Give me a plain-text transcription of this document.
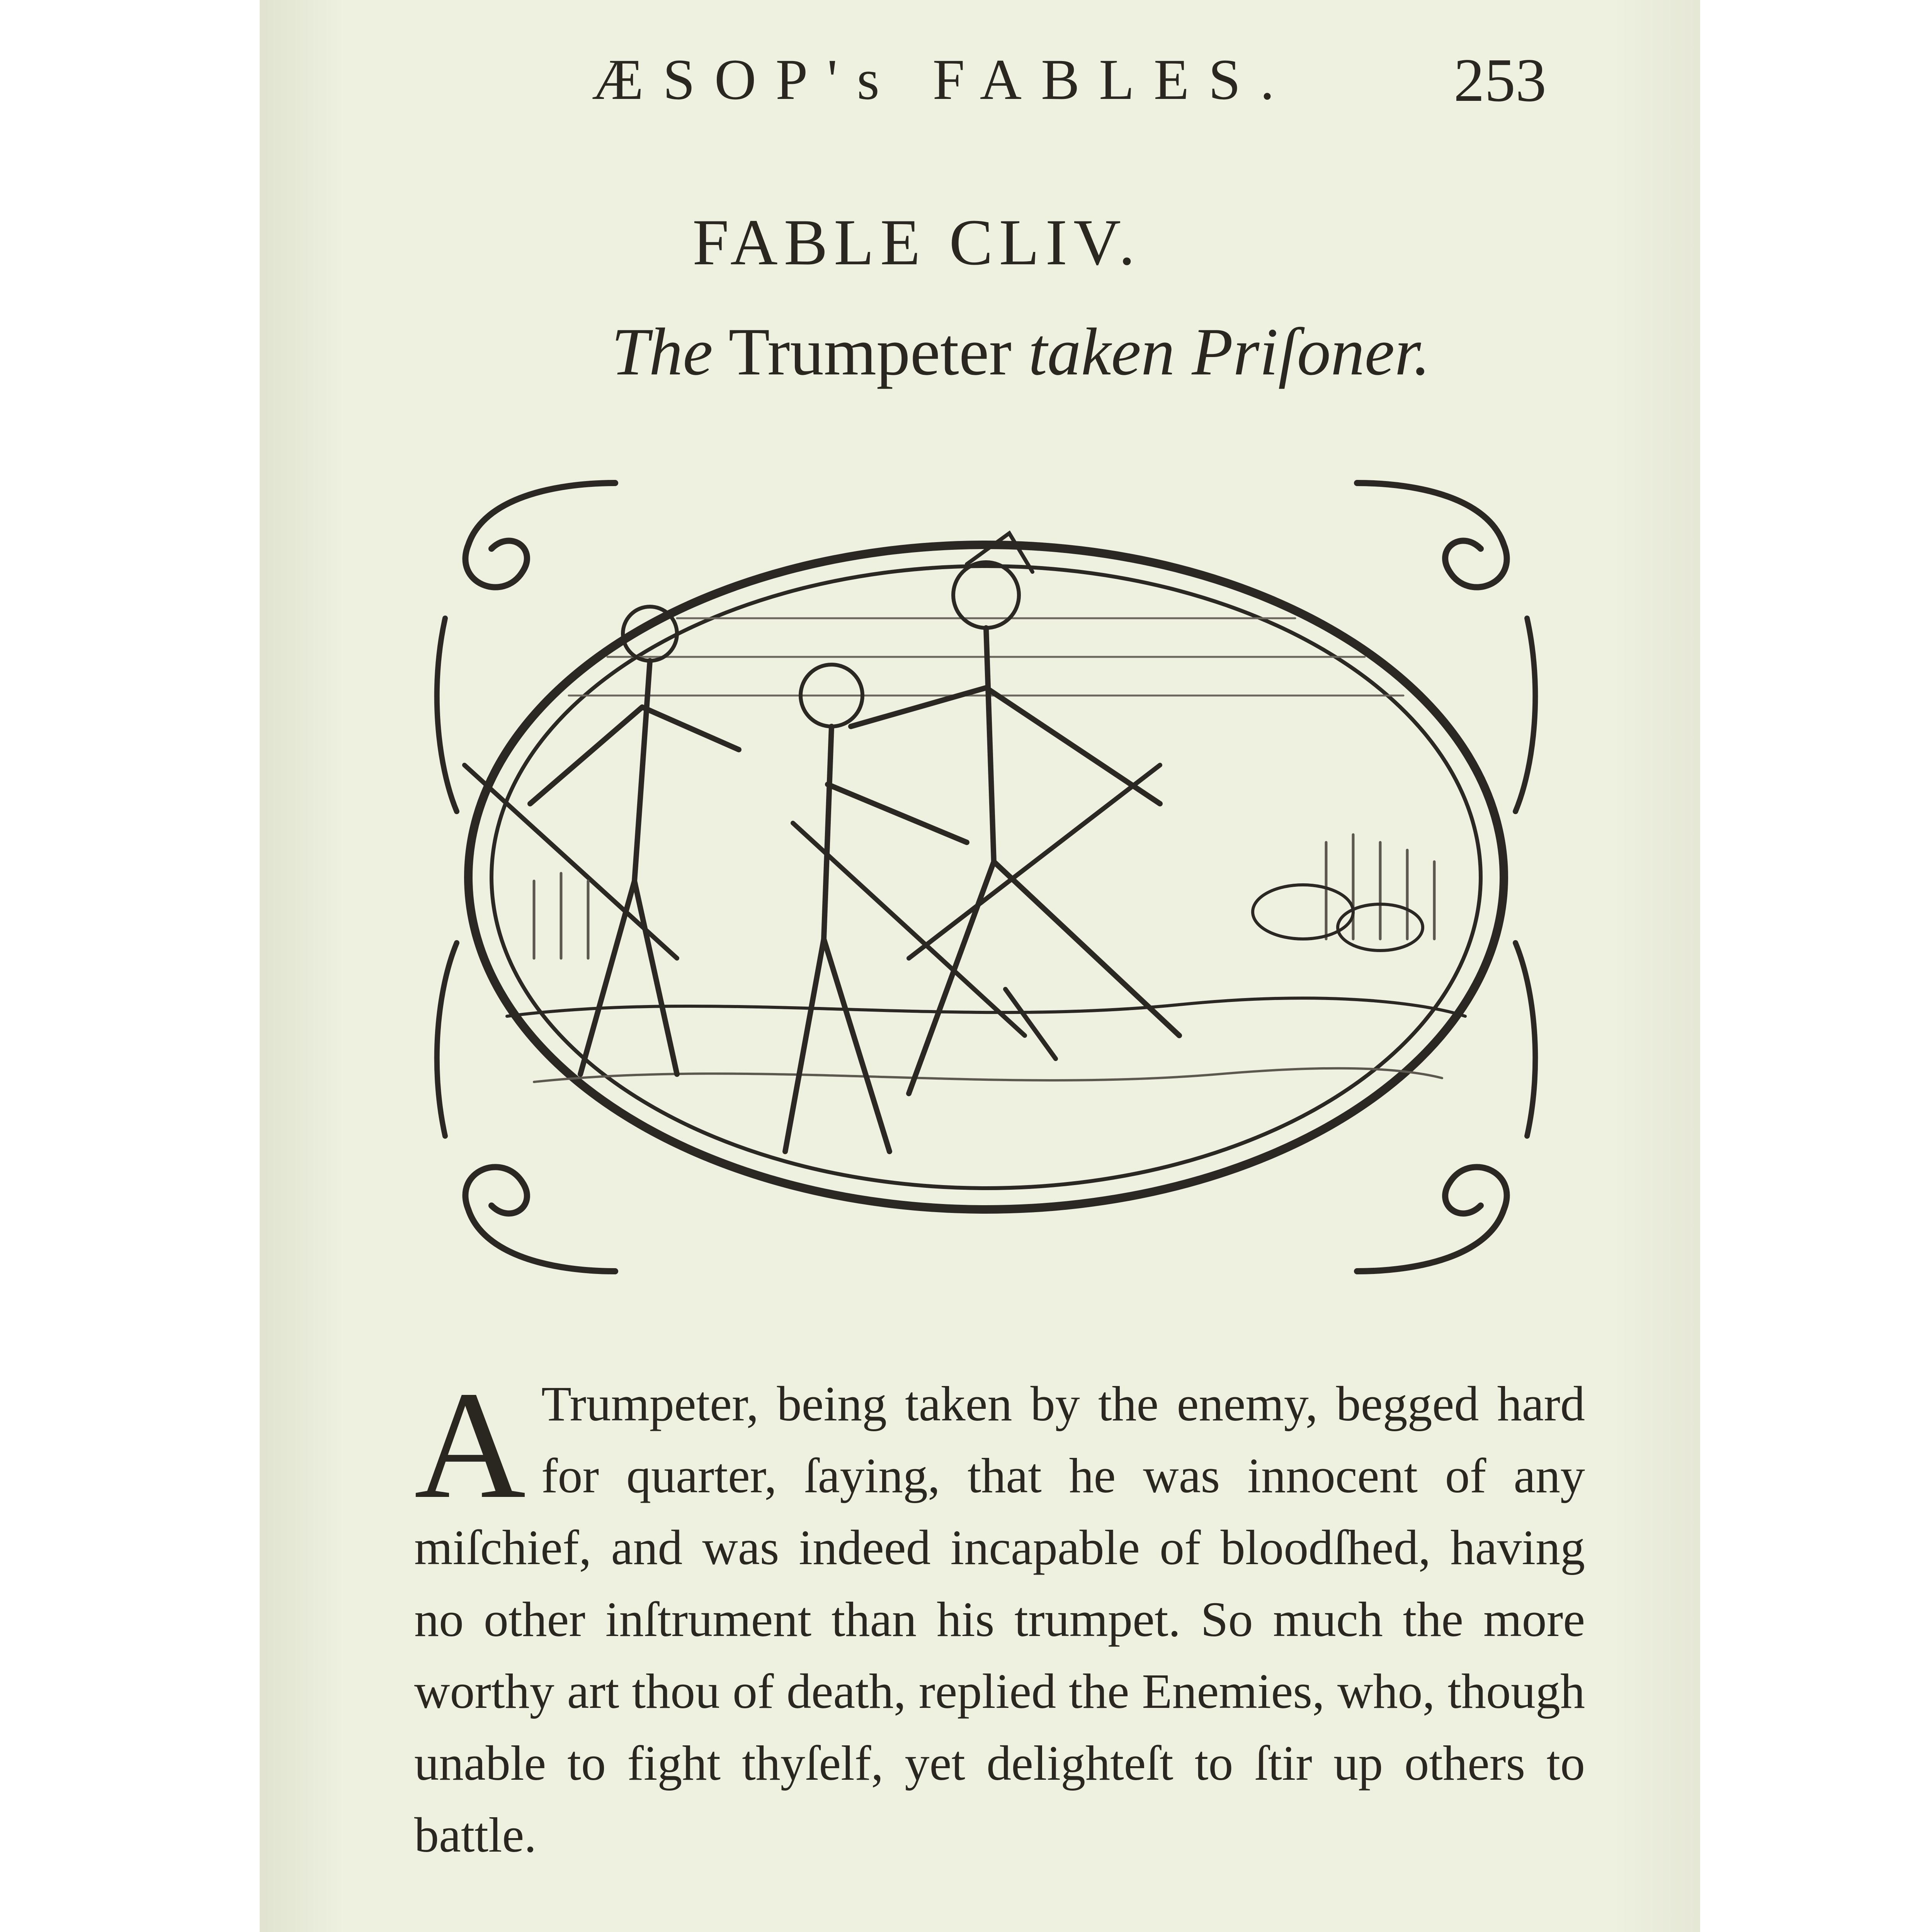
ÆSOP's FABLES.	253
FABLE CLIV.
The Trumpeter taken Priſoner.
A Trumpeter, being taken by the enemy, begged hard for quarter, ſaying, that he was innocent of any miſchief, and was indeed incapable of bloodſhed, having no other inſtrument than his trumpet. So much the more worthy art thou of death, replied the Enemies, who, though unable to fight thyſelf, yet delighteſt to ſtir up others to battle.
